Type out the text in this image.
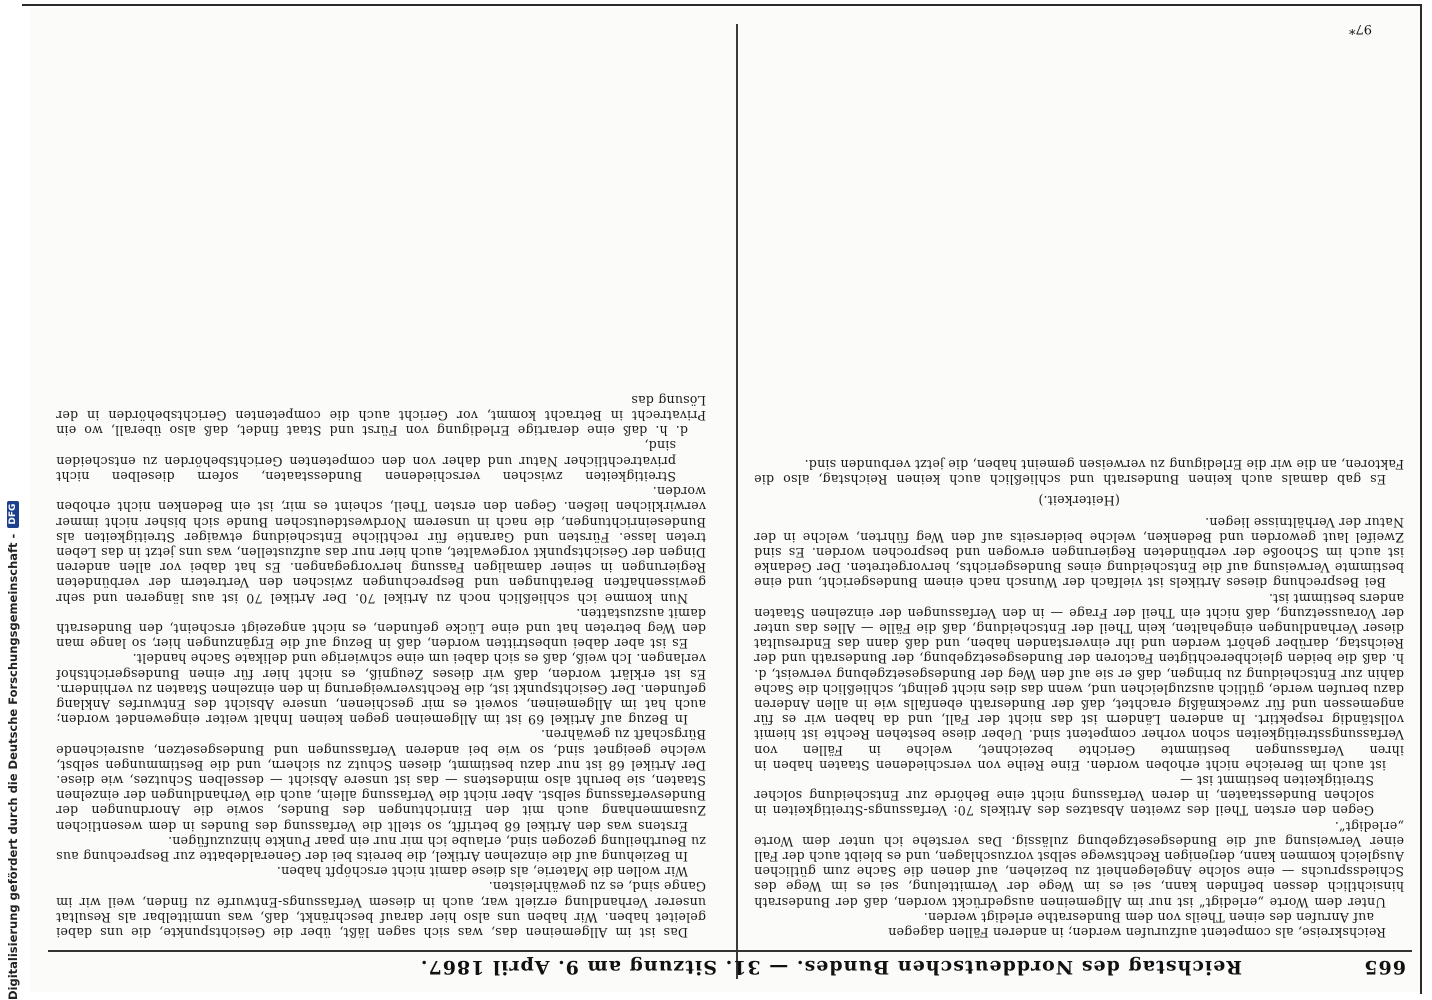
665
Reichstag des Norddeutschen Bundes. — 31. Sitzung am 9. April 1867.

Reichskreise, als competent aufzurufen werden; in anderen Fällen dagegen

auf Anrufen des einen Theils von dem Bundesrathe erledigt werden.

Unter dem Worte „erledigt“ ist nur im Allgemeinen ausgedrückt worden, daß der Bundesrath hinsichtlich dessen befinden kann, sei es im Wege der Vermittelung, sei es im Wege des Schiedsspruchs — eine solche Angelegenheit zu beziehen, auf denen die Sache zum gütlichen Ausgleich kommen kann, derjenigen Rechtswege selbst vorzuschlagen, und es bleibt auch der Fall einer Verweisung auf die Bundesgesetzgebung zulässig. Das verstehe ich unter dem Worte „erledigt“.

Gegen den ersten Theil des zweiten Absatzes des Artikels 70: Verfassungs-Streitigkeiten in solchen Bundesstaaten, in deren Verfassung nicht eine Behörde zur Entscheidung solcher Streitigkeiten bestimmt ist —

ist auch im Bereiche nicht erhoben worden. Eine Reihe von verschiedenen Staaten haben in ihren Verfassungen bestimmte Gerichte bezeichnet, welche in Fällen von Verfassungsstreitigkeiten schon vorher competent sind. Ueber diese bestehen Rechte ist hiemit vollständig respektirt. In anderen Ländern ist das nicht der Fall, und da haben wir es für angemessen und für zweckmäßig erachtet, daß der Bundesrath ebenfalls wie in allen Anderen dazu berufen werde, gütlich auszugleichen und, wenn das dies nicht gelingt, schließlich die Sache dahin zur Entscheidung zu bringen, daß er sie auf den Weg der Bundesgesetzgebung verweist, d. h. daß die beiden gleichberechtigten Factoren der Bundesgesetzgebung, der Bundesrath und der Reichstag, darüber gehört werden und ihr einverstanden haben, und daß dann das Endresultat dieser Verhandlungen eingehalten, kein Theil der Entscheidung, daß die Fälle — Alles das unter der Voraussetzung, daß nicht ein Theil der Frage — in den Verfassungen der einzelnen Staaten anders bestimmt ist.

Bei Besprechung dieses Artikels ist vielfach der Wunsch nach einem Bundesgericht, und eine bestimmte Verweisung auf die Entscheidung eines Bundesgerichts, hervorgetreten. Der Gedanke ist auch im Schooße der verbündeten Regierungen erwogen und besprochen worden. Es sind Zweifel laut geworden und Bedenken, welche beiderseits auf den Weg führten, welche in der Natur der Verhältnisse liegen.

(Heiterkeit.)

Es gab damals auch keinen Bundesrath und schließlich auch keinen Reichstag, also die Faktoren, an die wir die Erledigung zu verweisen gemeint haben, die jetzt verbunden sind.

Das ist im Allgemeinen das, was sich sagen läßt, über die Gesichtspunkte, die uns dabei geleitet haben. Wir haben uns also hier darauf beschränkt, daß, was unmittelbar als Resultat unserer Verhandlung erzielt war, auch in diesem Verfassungs-Entwurfe zu finden, weil wir im Gange sind, es zu gewährleisten.

Wir wollen die Materie, als diese damit nicht erschöpft haben.

In Beziehung auf die einzelnen Artikel, die bereits bei der Generaldebatte zur Besprechung aus zu Beurtheilung gezogen sind, erlaube ich mir nur ein paar Punkte hinzuzufügen.

Erstens was den Artikel 68 betrifft, so stellt die Verfassung des Bundes in dem wesentlichen Zusammenhang auch mit den Einrichtungen des Bundes, sowie die Anordnungen der Bundesverfassung selbst. Aber nicht die Verfassung allein, auch die Verhandlungen der einzelnen Staaten, sie beruht also mindestens — das ist unsere Absicht — desselben Schutzes, wie diese. Der Artikel 68 ist nur dazu bestimmt, diesen Schutz zu sichern, und die Bestimmungen selbst, welche geeignet sind, so wie bei anderen Verfassungen und Bundesgesetzen, ausreichende Bürgschaft zu gewähren.

In Bezug auf Artikel 69 ist im Allgemeinen gegen keinen Inhalt weiter eingewendet worden; auch hat im Allgemeinen, soweit es mir geschienen, unsere Absicht des Entwurfes Anklang gefunden. Der Gesichtspunkt ist, die Rechtsverweigerung in den einzelnen Staaten zu verhindern. Es ist erklärt worden, daß wir dieses Zeugniß, es nicht hier für einen Bundesgerichtshof verlangen. Ich weiß, daß es sich dabei um eine schwierige und delikate Sache handelt.

Es ist aber dabei unbestritten worden, daß in Bezug auf die Ergänzungen hier, so lange man den Weg betreten hat und eine Lücke gefunden, es nicht angezeigt erscheint, den Bundesrath damit auszustatten.

Nun komme ich schließlich noch zu Artikel 70. Der Artikel 70 ist aus längeren und sehr gewissenhaften Berathungen und Besprechungen zwischen den Vertretern der verbündeten Regierungen in seiner damaligen Fassung hervorgegangen. Es hat dabei vor allen anderen Dingen der Gesichtspunkt vorgewaltet, auch hier nur das aufzustellen, was uns jetzt in das Leben treten lasse. Fürsten und Garantie für rechtliche Entscheidung etwaiger Streitigkeiten als Bundeseinrichtungen, die nach in unserem Nordwestdeutschen Bunde sich bisher nicht immer verwirklichen ließen. Gegen den ersten Theil, scheint es mir, ist ein Bedenken nicht erhoben worden.

Streitigkeiten zwischen verschiedenen Bundesstaaten, sofern dieselben nicht privatrechtlicher Natur und daher von den competenten Gerichtsbehörden zu entscheiden sind,

d. h. daß eine derartige Erledigung von Fürst und Staat findet, daß also überall, wo ein Privatrecht in Betracht kommt, vor Gericht auch die competenten Gerichtsbehörden in der Lösung das

97*
Digitalisierung gefördert durch die Deutsche Forschungsgemeinschaft -
DFG
